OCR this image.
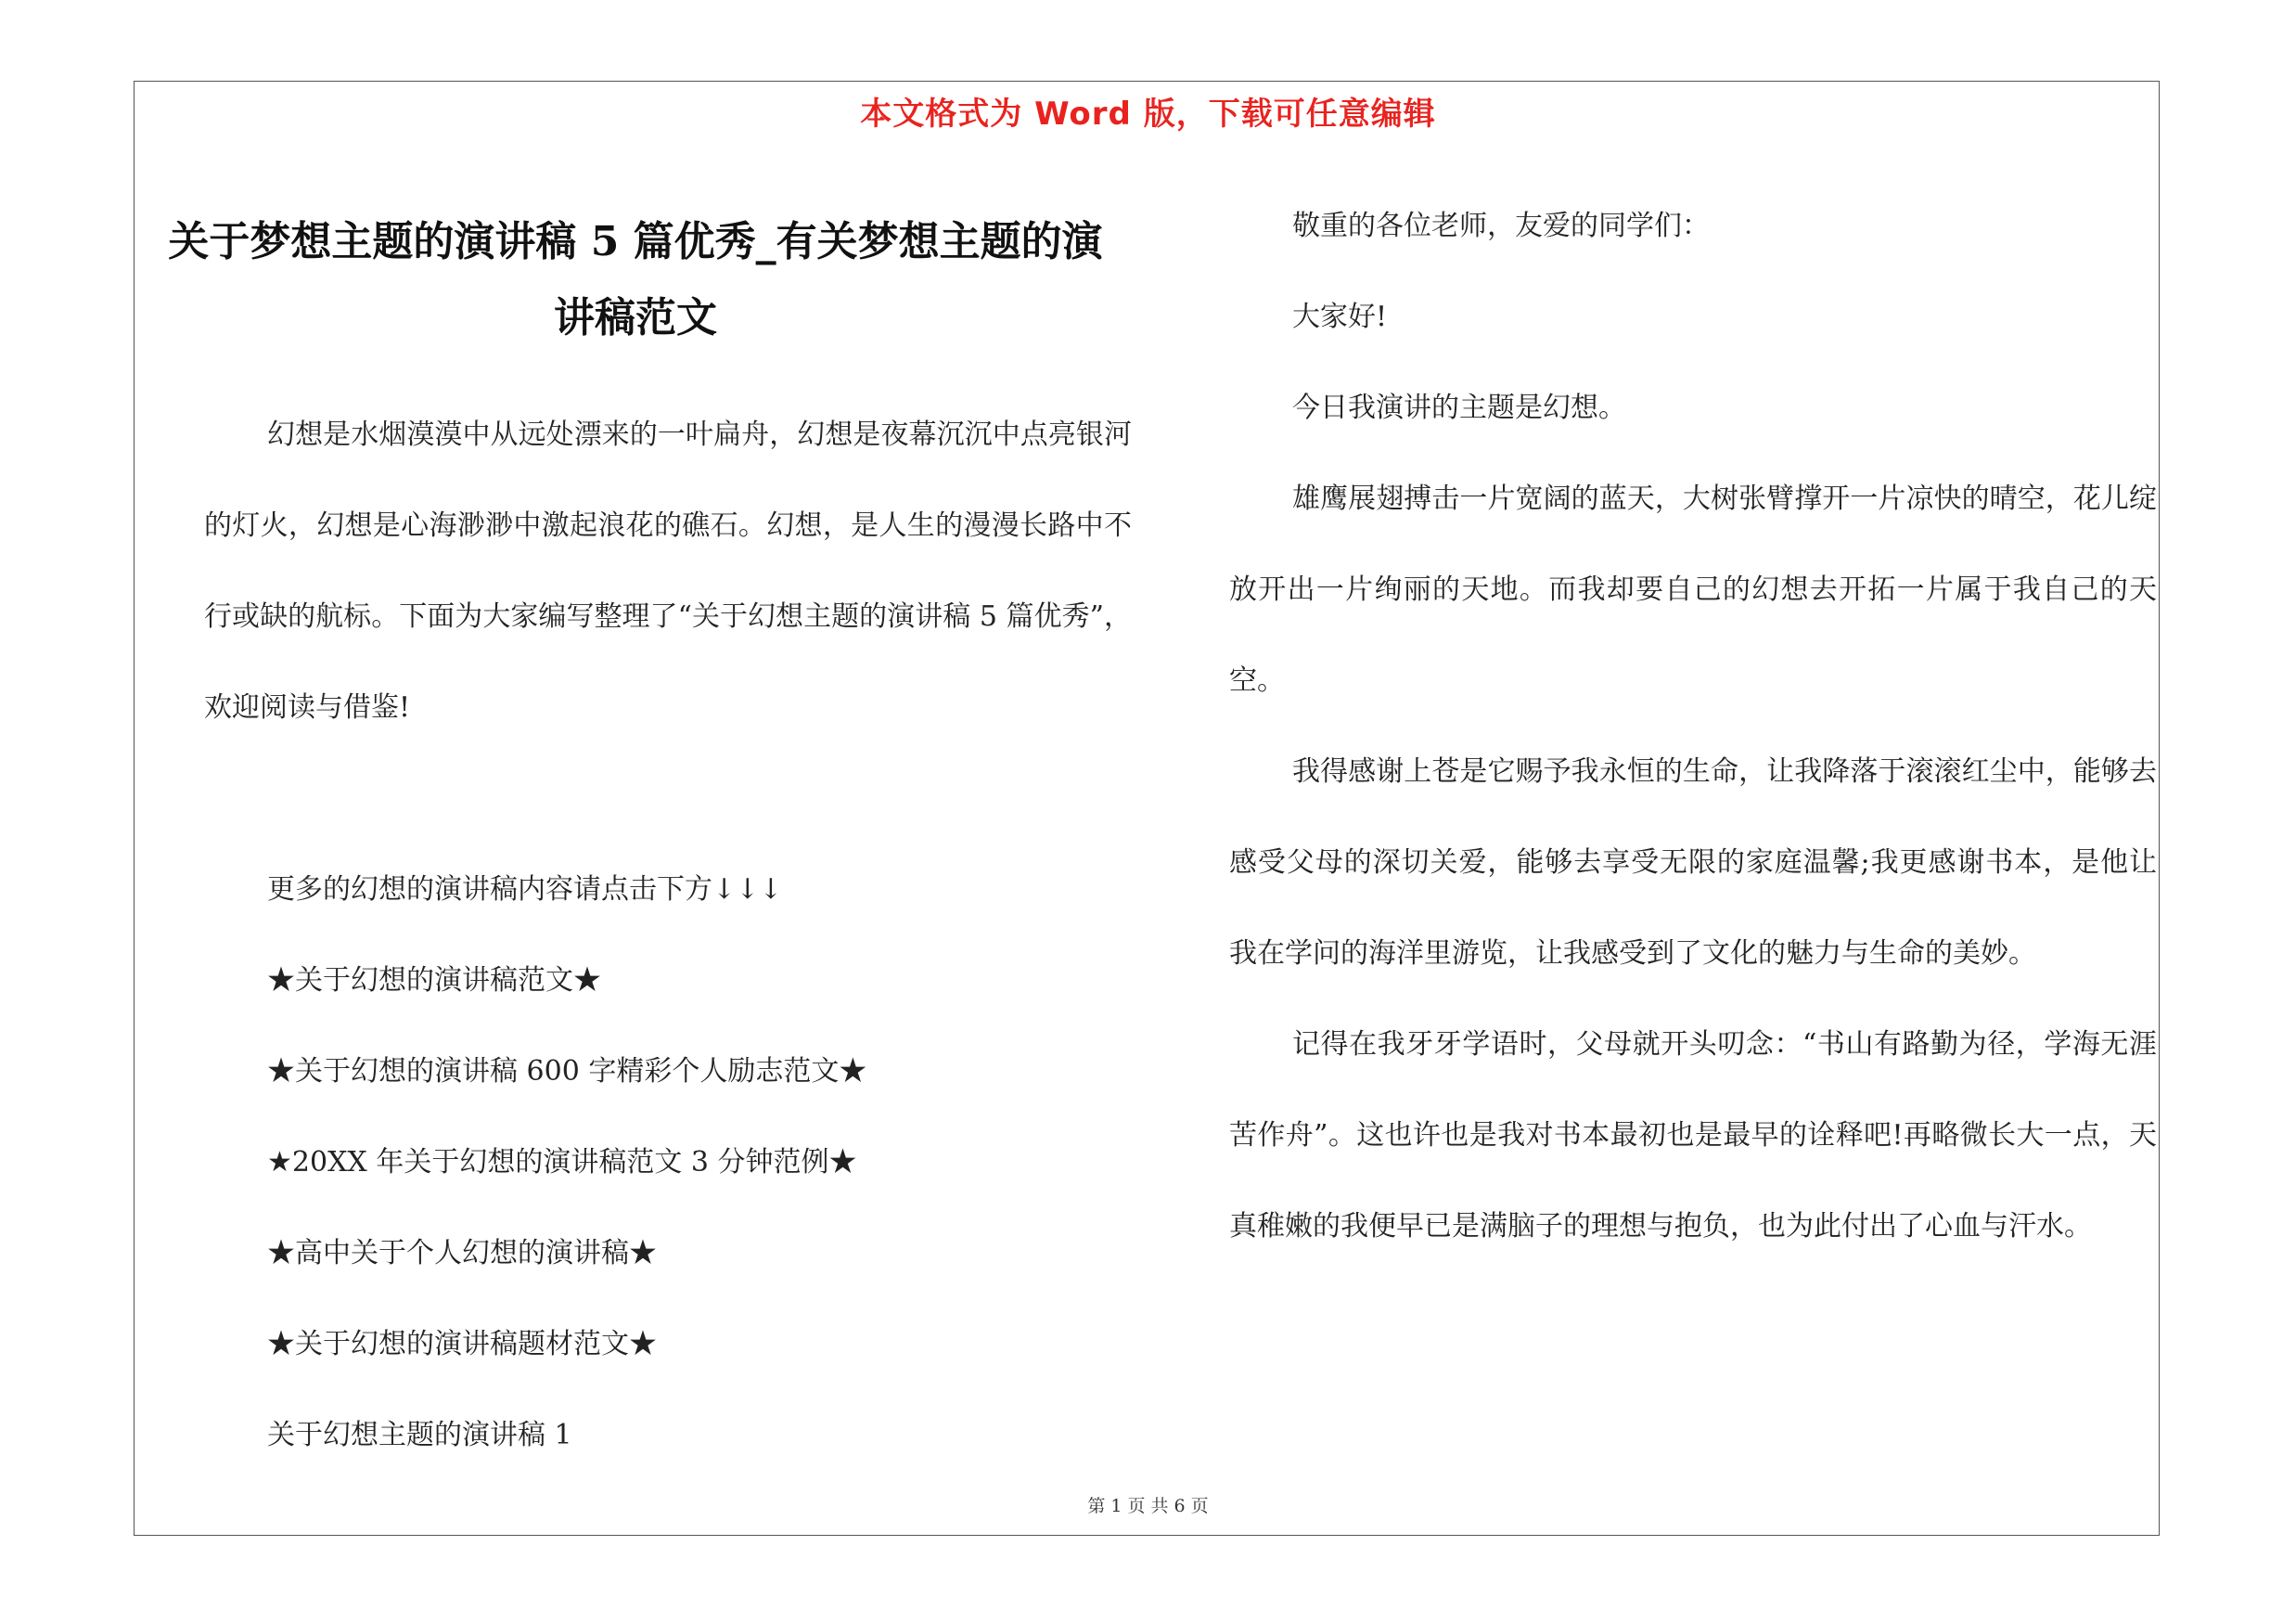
本文格式为 Word 版，下载可任意编辑
关于梦想主题的演讲稿 5 篇优秀_有关梦想主题的演讲稿范文

幻想是水烟漠漠中从远处漂来的一叶扁舟，幻想是夜幕沉沉中点亮银河的灯火，幻想是心海渺渺中激起浪花的礁石。幻想，是人生的漫漫长路中不行或缺的航标。下面为大家编写整理了“关于幻想主题的演讲稿 5 篇优秀”，欢迎阅读与借鉴!

更多的幻想的演讲稿内容请点击下方↓↓↓

★关于幻想的演讲稿范文★

★关于幻想的演讲稿 600 字精彩个人励志范文★

★20XX 年关于幻想的演讲稿范文 3 分钟范例★

★高中关于个人幻想的演讲稿★

★关于幻想的演讲稿题材范文★

关于幻想主题的演讲稿 1

敬重的各位老师，友爱的同学们：

大家好!

今日我演讲的主题是幻想。

雄鹰展翅搏击一片宽阔的蓝天，大树张臂撑开一片凉快的晴空，花儿绽放开出一片绚丽的天地。而我却要自己的幻想去开拓一片属于我自己的天空。

我得感谢上苍是它赐予我永恒的生命，让我降落于滚滚红尘中，能够去感受父母的深切关爱，能够去享受无限的家庭温馨;我更感谢书本，是他让我在学问的海洋里游览，让我感受到了文化的魅力与生命的美妙。

记得在我牙牙学语时，父母就开头叨念：“书山有路勤为径，学海无涯苦作舟”。这也许也是我对书本最初也是最早的诠释吧!再略微长大一点，天真稚嫩的我便早已是满脑子的理想与抱负，也为此付出了心血与汗水。

第 1 页 共 6 页
